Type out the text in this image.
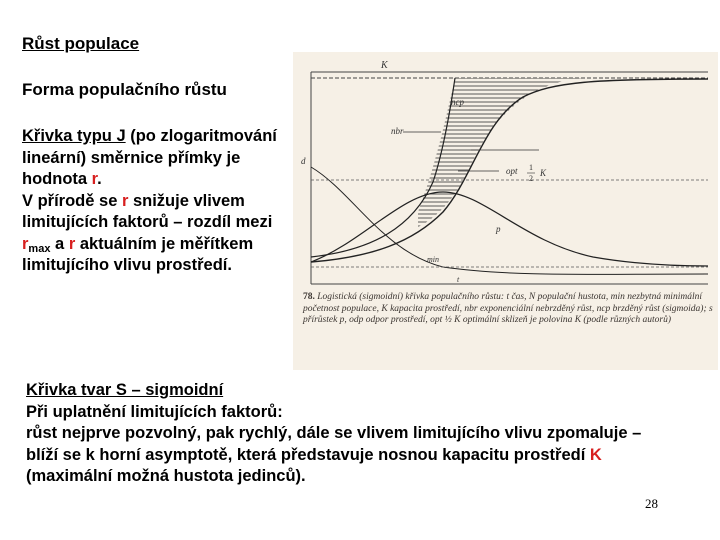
Růst populace
Forma populačního růstu
Křivka typu J (po zlogaritmování lineární) směrnice přímky je hodnota r.
V přírodě se r snižuje vlivem limitujících faktorů – rozdíl mezi $r_{max}$ a r aktuálním je měřítkem limitujícího vlivu prostředí.
K
ncp
nbr
d
opt 1
2
K
p
min
t
78. Logistická (sigmoidní) křivka populačního růstu: t čas, N populační hustota, min nezbytná minimální početnost populace, K kapacita prostředí, nbr exponenciální nebrzděný růst, ncp brzděný růst (sigmoida); s přírůstek p, odp odpor prostředí, opt ½ K optimální sklizeň je polovina K (podle různých autorů)
Křivka tvar S – sigmoidní
Při uplatnění limitujících faktorů:
růst nejprve pozvolný, pak rychlý, dále se vlivem limitujícího vlivu zpomaluje – blíží se k horní asymptotě, která představuje nosnou kapacitu prostředí K (maximální možná hustota jedinců).
28
